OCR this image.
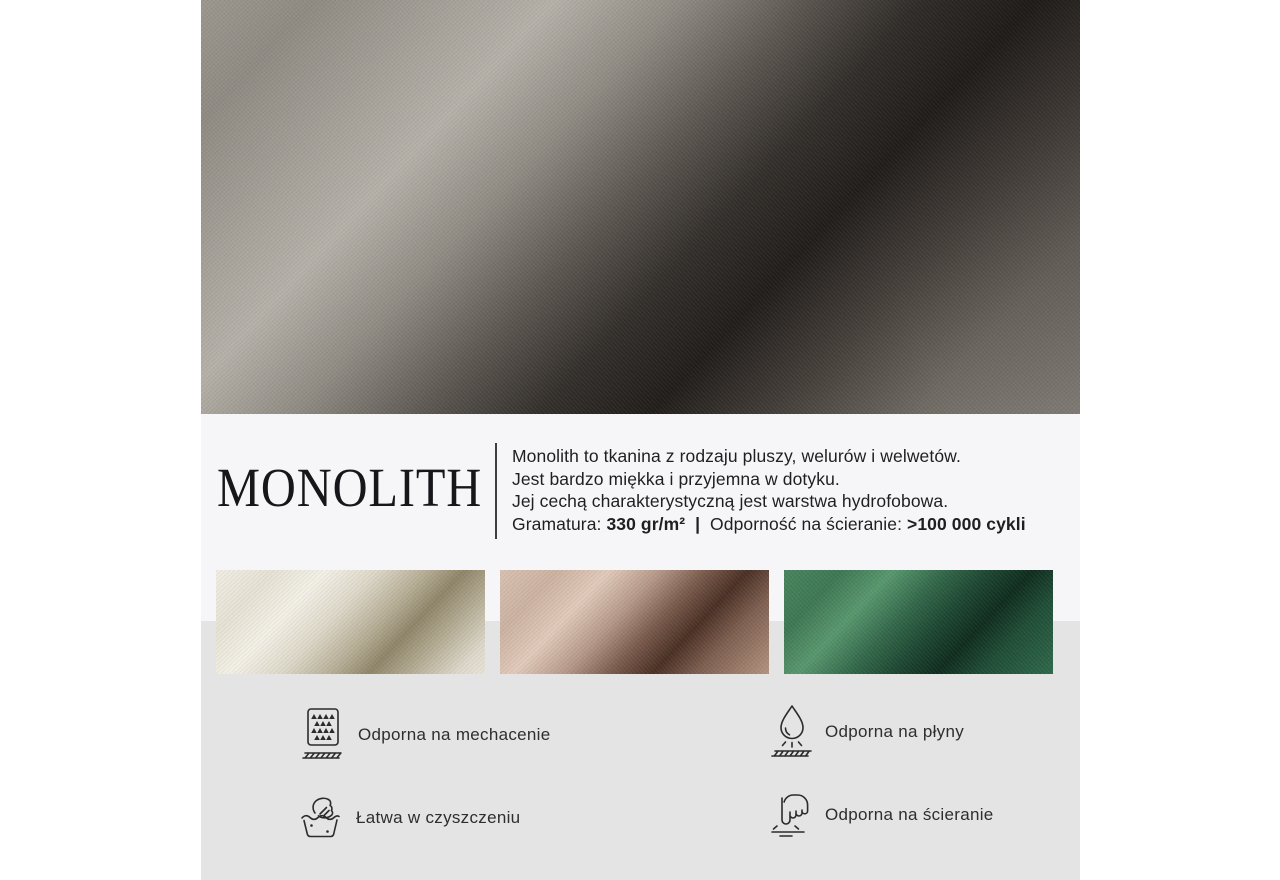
MONOLITH
Monolith to tkanina z rodzaju pluszy, welurów i welwetów.
Jest bardzo miękka i przyjemna w dotyku.
Jej cechą charakterystyczną jest warstwa hydrofobowa.
Gramatura: 330 gr/m²  |  Odporność na ścieranie: >100 000 cykli
Odporna na mechacenie	Odporna na płyny
Łatwa w czyszczeniu	Odporna na ścieranie
